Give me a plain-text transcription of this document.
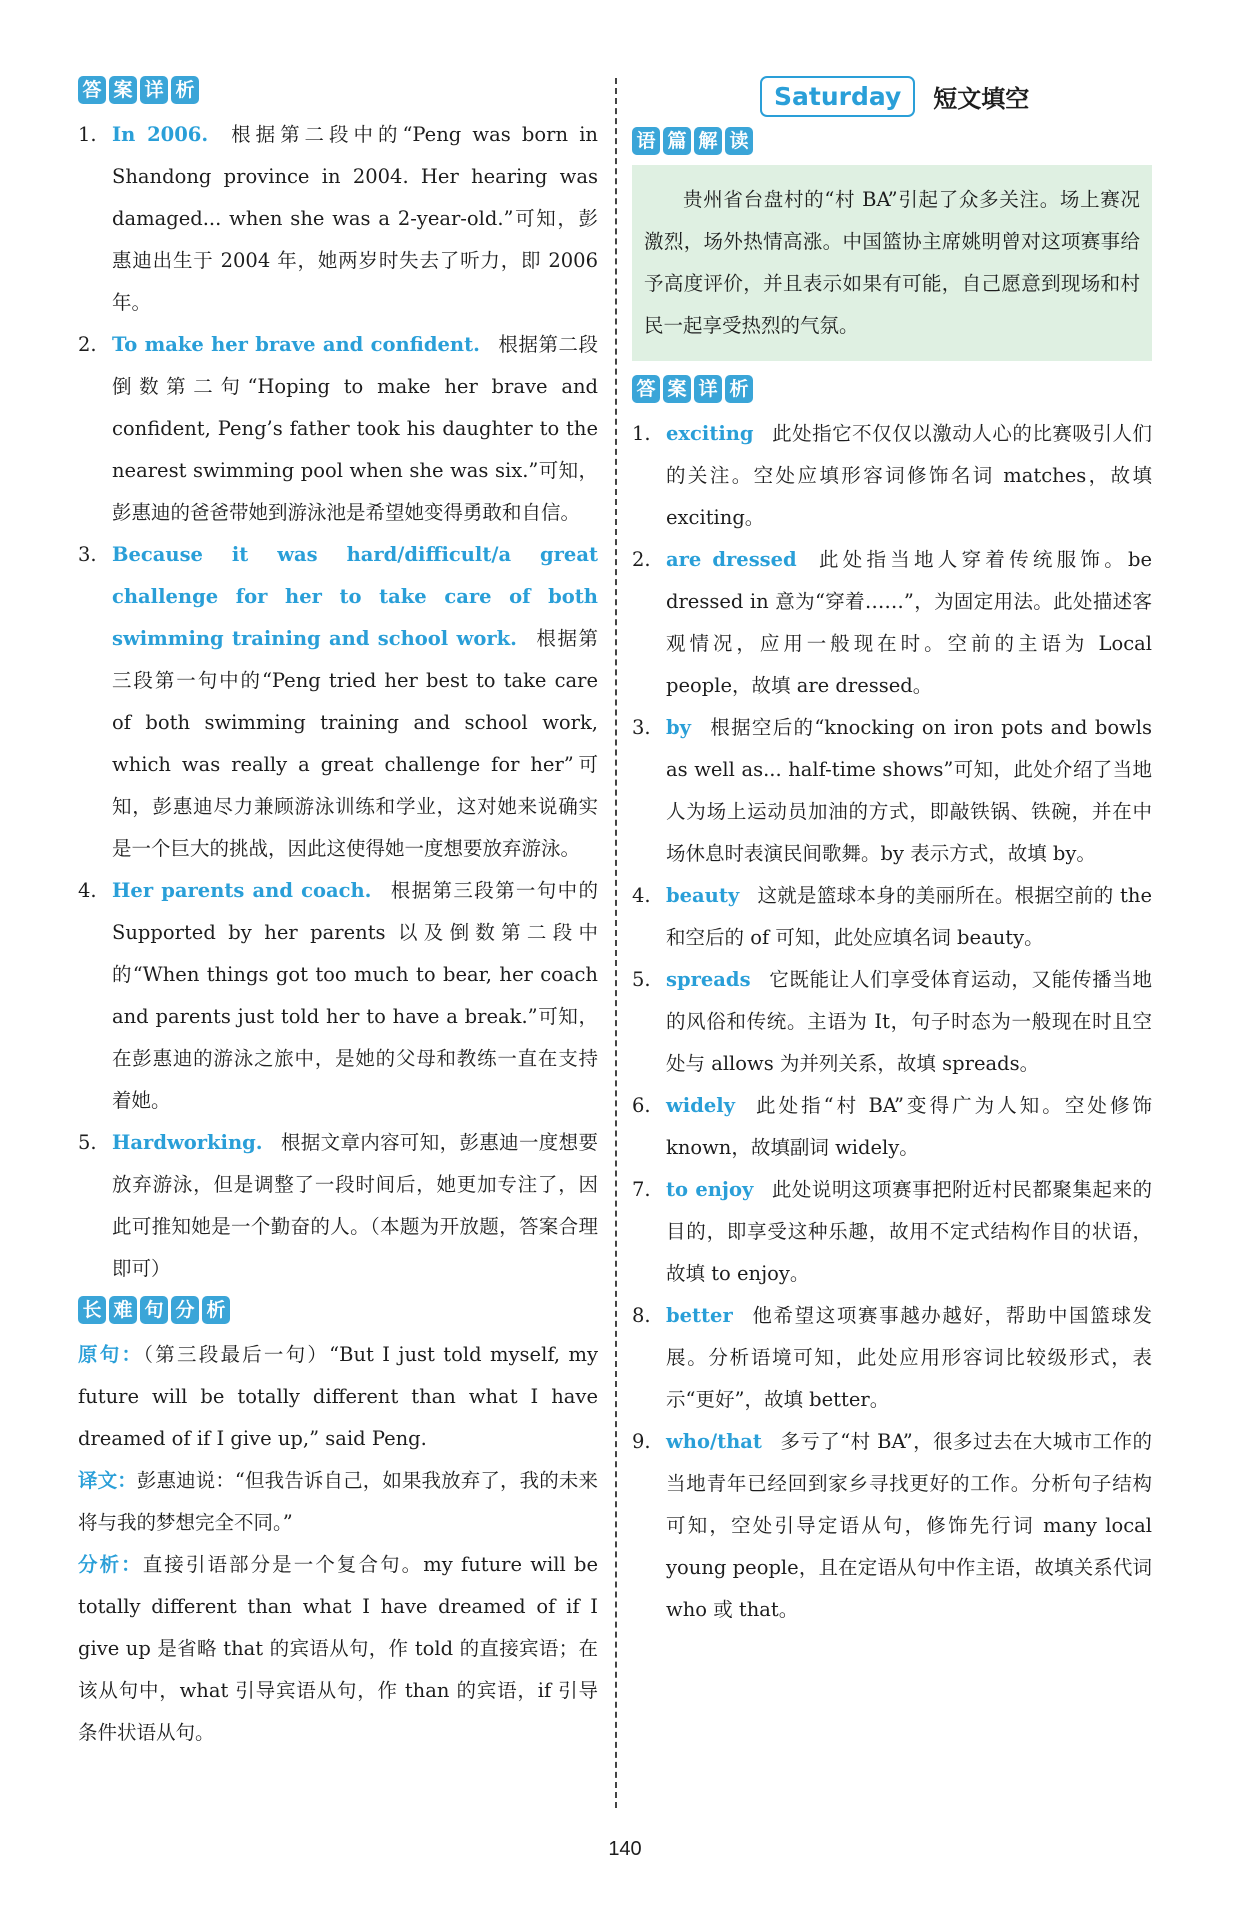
答 案 详 析
1. In 2006. 根据第二段中的“Peng was born in Shandong province in 2004. Her hearing was damaged... when she was a 2-year-old.”可知，彭惠迪出生于 2004 年，她两岁时失去了听力，即 2006 年。
2. To make her brave and confident. 根据第二段倒数第二句“Hoping to make her brave and confident, Peng’s father took his daughter to the nearest swimming pool when she was six.”可知，彭惠迪的爸爸带她到游泳池是希望她变得勇敢和自信。
3. Because it was hard/difficult/a great challenge for her to take care of both swimming training and school work. 根据第三段第一句中的“Peng tried her best to take care of both swimming training and school work, which was really a great challenge for her”可知，彭惠迪尽力兼顾游泳训练和学业，这对她来说确实是一个巨大的挑战，因此这使得她一度想要放弃游泳。
4. Her parents and coach. 根据第三段第一句中的 Supported by her parents 以及倒数第二段中的“When things got too much to bear, her coach and parents just told her to have a break.”可知，在彭惠迪的游泳之旅中，是她的父母和教练一直在支持着她。
5. Hardworking. 根据文章内容可知，彭惠迪一度想要放弃游泳，但是调整了一段时间后，她更加专注了，因此可推知她是一个勤奋的人。（本题为开放题，答案合理即可）
长 难 句 分 析

原句：（第三段最后一句）“But I just told myself, my future will be totally different than what I have dreamed of if I give up,” said Peng.

译文：彭惠迪说：“但我告诉自己，如果我放弃了，我的未来将与我的梦想完全不同。”

分析：直接引语部分是一个复合句。my future will be totally different than what I have dreamed of if I give up 是省略 that 的宾语从句，作 told 的直接宾语；在该从句中，what 引导宾语从句，作 than 的宾语，if 引导条件状语从句。

Saturday	短文填空
语 篇 解 读
贵州省台盘村的“村 BA”引起了众多关注。场上赛况激烈，场外热情高涨。中国篮协主席姚明曾对这项赛事给予高度评价，并且表示如果有可能，自己愿意到现场和村民一起享受热烈的气氛。
答 案 详 析
1. exciting 此处指它不仅仅以激动人心的比赛吸引人们的关注。空处应填形容词修饰名词 matches，故填 exciting。
2. are dressed 此处指当地人穿着传统服饰。be dressed in 意为“穿着……”，为固定用法。此处描述客观情况，应用一般现在时。空前的主语为 Local people，故填 are dressed。
3. by 根据空后的“knocking on iron pots and bowls as well as... half-time shows”可知，此处介绍了当地人为场上运动员加油的方式，即敲铁锅、铁碗，并在中场休息时表演民间歌舞。by 表示方式，故填 by。
4. beauty 这就是篮球本身的美丽所在。根据空前的 the 和空后的 of 可知，此处应填名词 beauty。
5. spreads 它既能让人们享受体育运动，又能传播当地的风俗和传统。主语为 It，句子时态为一般现在时且空处与 allows 为并列关系，故填 spreads。
6. widely 此处指“村 BA”变得广为人知。空处修饰 known，故填副词 widely。
7. to enjoy 此处说明这项赛事把附近村民都聚集起来的目的，即享受这种乐趣，故用不定式结构作目的状语，故填 to enjoy。
8. better 他希望这项赛事越办越好，帮助中国篮球发展。分析语境可知，此处应用形容词比较级形式，表示“更好”，故填 better。
9. who/that 多亏了“村 BA”，很多过去在大城市工作的当地青年已经回到家乡寻找更好的工作。分析句子结构可知，空处引导定语从句，修饰先行词 many local young people，且在定语从句中作主语，故填关系代词 who 或 that。
140
